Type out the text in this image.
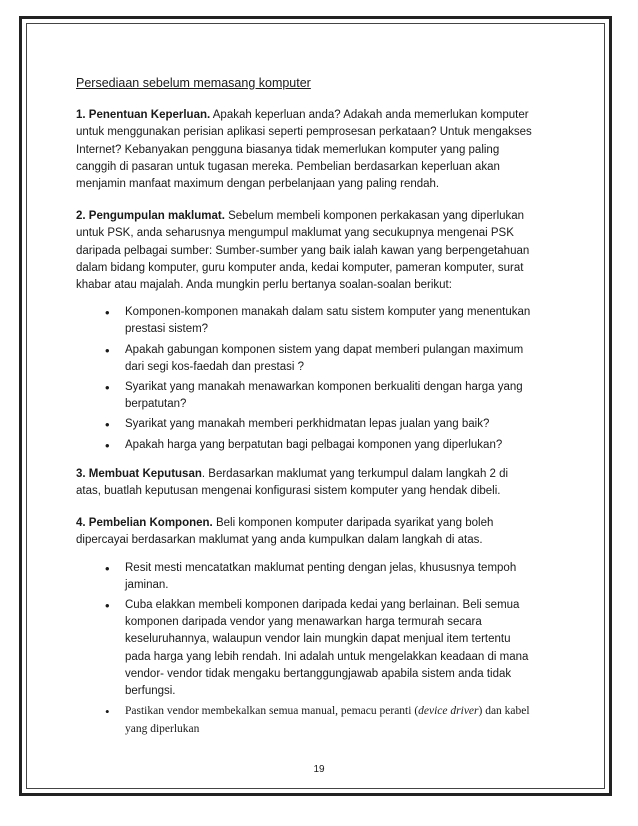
Persediaan sebelum memasang komputer

1. Penentuan Keperluan. Apakah keperluan anda? Adakah anda memerlukan komputer untuk menggunakan perisian aplikasi seperti pemprosesan perkataan? Untuk mengakses Internet? Kebanyakan pengguna biasanya tidak memerlukan komputer yang paling canggih di pasaran untuk tugasan mereka. Pembelian berdasarkan keperluan akan menjamin manfaat maximum dengan perbelanjaan yang paling rendah.

2. Pengumpulan maklumat. Sebelum membeli komponen perkakasan yang diperlukan untuk PSK, anda seharusnya mengumpul maklumat yang secukupnya mengenai PSK daripada pelbagai sumber: Sumber-sumber yang baik ialah kawan yang berpengetahuan dalam bidang komputer, guru komputer anda, kedai komputer, pameran komputer, surat khabar atau majalah. Anda mungkin perlu bertanya soalan-soalan berikut:

• Komponen-komponen manakah dalam satu sistem komputer yang menentukan prestasi sistem?
• Apakah gabungan komponen sistem yang dapat memberi pulangan maximum dari segi kos-faedah dan prestasi ?
• Syarikat yang manakah menawarkan komponen berkualiti dengan harga yang berpatutan?
• Syarikat yang manakah memberi perkhidmatan lepas jualan yang baik?
• Apakah harga yang berpatutan bagi pelbagai komponen yang diperlukan?

3. Membuat Keputusan. Berdasarkan maklumat yang terkumpul dalam langkah 2 di atas, buatlah keputusan mengenai konfigurasi sistem komputer yang hendak dibeli.

4. Pembelian Komponen. Beli komponen komputer daripada syarikat yang boleh dipercayai berdasarkan maklumat yang anda kumpulkan dalam langkah di atas.

• Resit mesti mencatatkan maklumat penting dengan jelas, khususnya tempoh jaminan.
• Cuba elakkan membeli komponen daripada kedai yang berlainan. Beli semua komponen daripada vendor yang menawarkan harga termurah secara keseluruhannya, walaupun vendor lain mungkin dapat menjual item tertentu pada harga yang lebih rendah. Ini adalah untuk mengelakkan keadaan di mana vendor- vendor tidak mengaku bertanggungjawab apabila sistem anda tidak berfungsi.
• Pastikan vendor membekalkan semua manual, pemacu peranti (device driver) dan kabel yang diperlukan
19
